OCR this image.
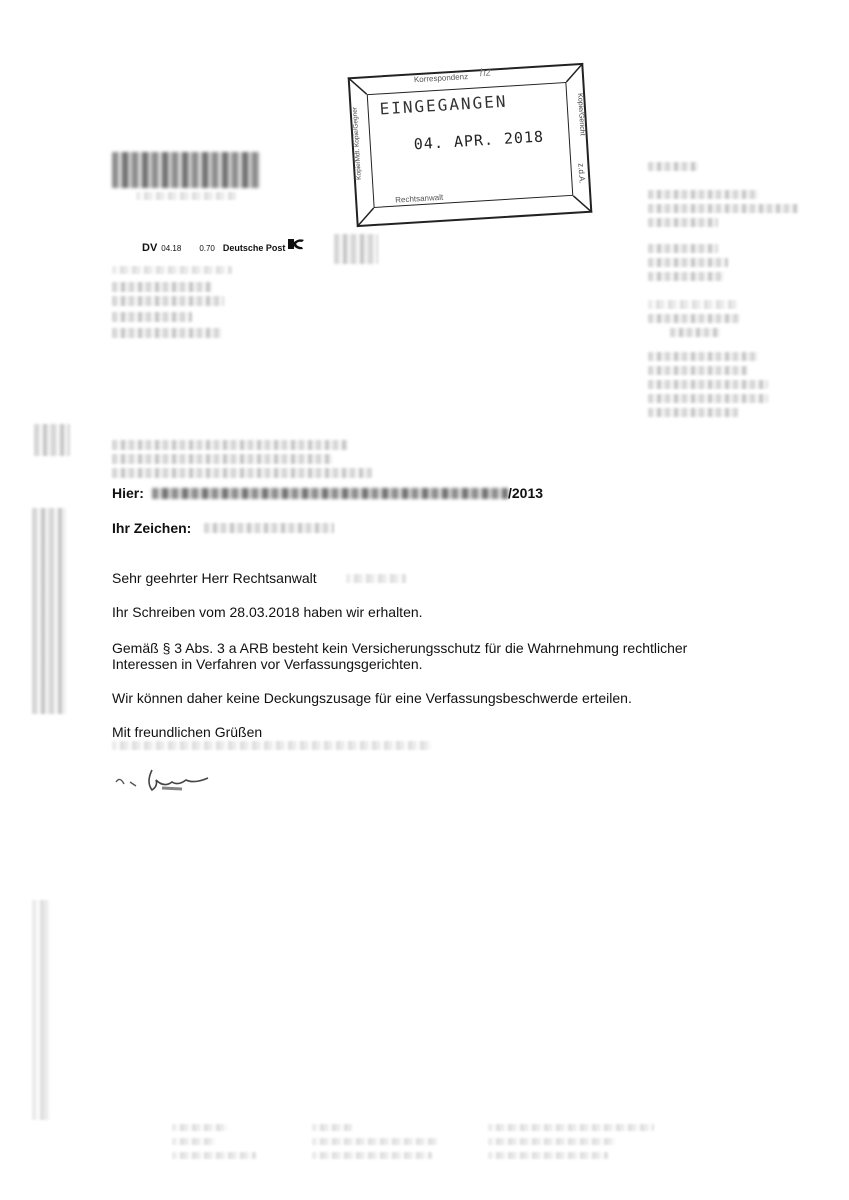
Korrespondenz hz
Kopie/Mdt. Kopie/Gegner	Kopie/Gericht
EINGEGANGEN
04. APR. 2018
z.d.A.
Rechtsanwalt
DV 04.18 0.70 Deutsche Post
Hier:	/2013
Ihr Zeichen:
Sehr geehrter Herr Rechtsanwalt
Ihr Schreiben vom 28.03.2018 haben wir erhalten.
Gemäß § 3 Abs. 3 a ARB besteht kein Versicherungsschutz für die Wahrnehmung rechtlicher
Interessen in Verfahren vor Verfassungsgerichten.
Wir können daher keine Deckungszusage für eine Verfassungsbeschwerde erteilen.
Mit freundlichen Grüßen
